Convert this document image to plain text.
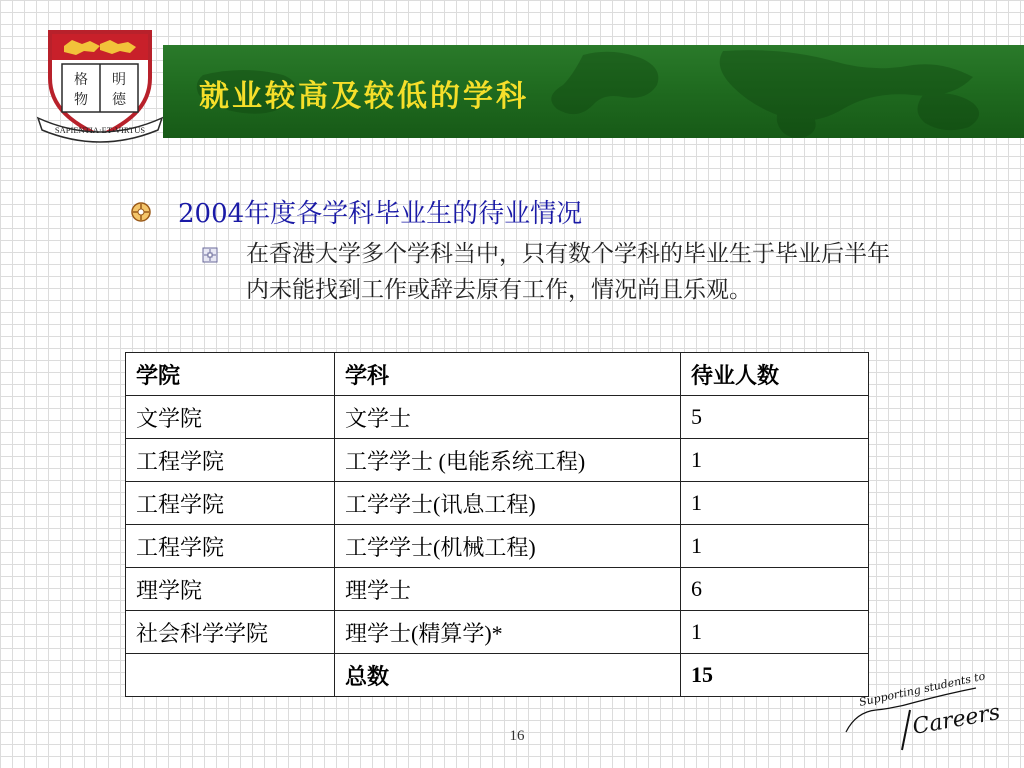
格 明
物 德
SAPIENTIA·ET·VIRTUS
就业较高及较低的学科
2004年度各学科毕业生的待业情况
在香港大学多个学科当中，只有数个学科的毕业生于毕业后半年内未能找到工作或辞去原有工作，情况尚且乐观。
学院	学科	待业人数
文学院	文学士	5
工程学院	工学学士 (电能系统工程)	1
工程学院	工学学士(讯息工程)	1
工程学院	工学学士(机械工程)	1
理学院	理学士	6
社会科学学院	理学士(精算学)*	1
	总数	15
16
Supporting students to
Careers
